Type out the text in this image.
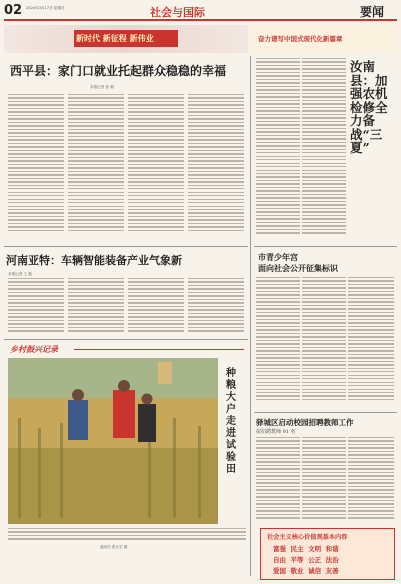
02 2024年3月17日 星期日	社会与国际	要闻
新时代 新征程 新伟业	奋力谱写中国式现代化新篇章
西平县：家门口就业托起群众稳稳的幸福
本报记者 张 敏
河南亚特：车辆智能装备产业气象新
本报记者 王 磊
乡村振兴记录
种粮大户走进试验田
通讯员 张永宏 摄
汝南县：加强农机检修全力备战“三夏”
市青少年宫
面向社会公开征集标识
驿城区启动校园招聘教师工作
拟招聘教师 91 名
社会主义核心价值观基本内容
富强 民主 文明 和谐
自由 平等 公正 法治
爱国 敬业 诚信 友善
